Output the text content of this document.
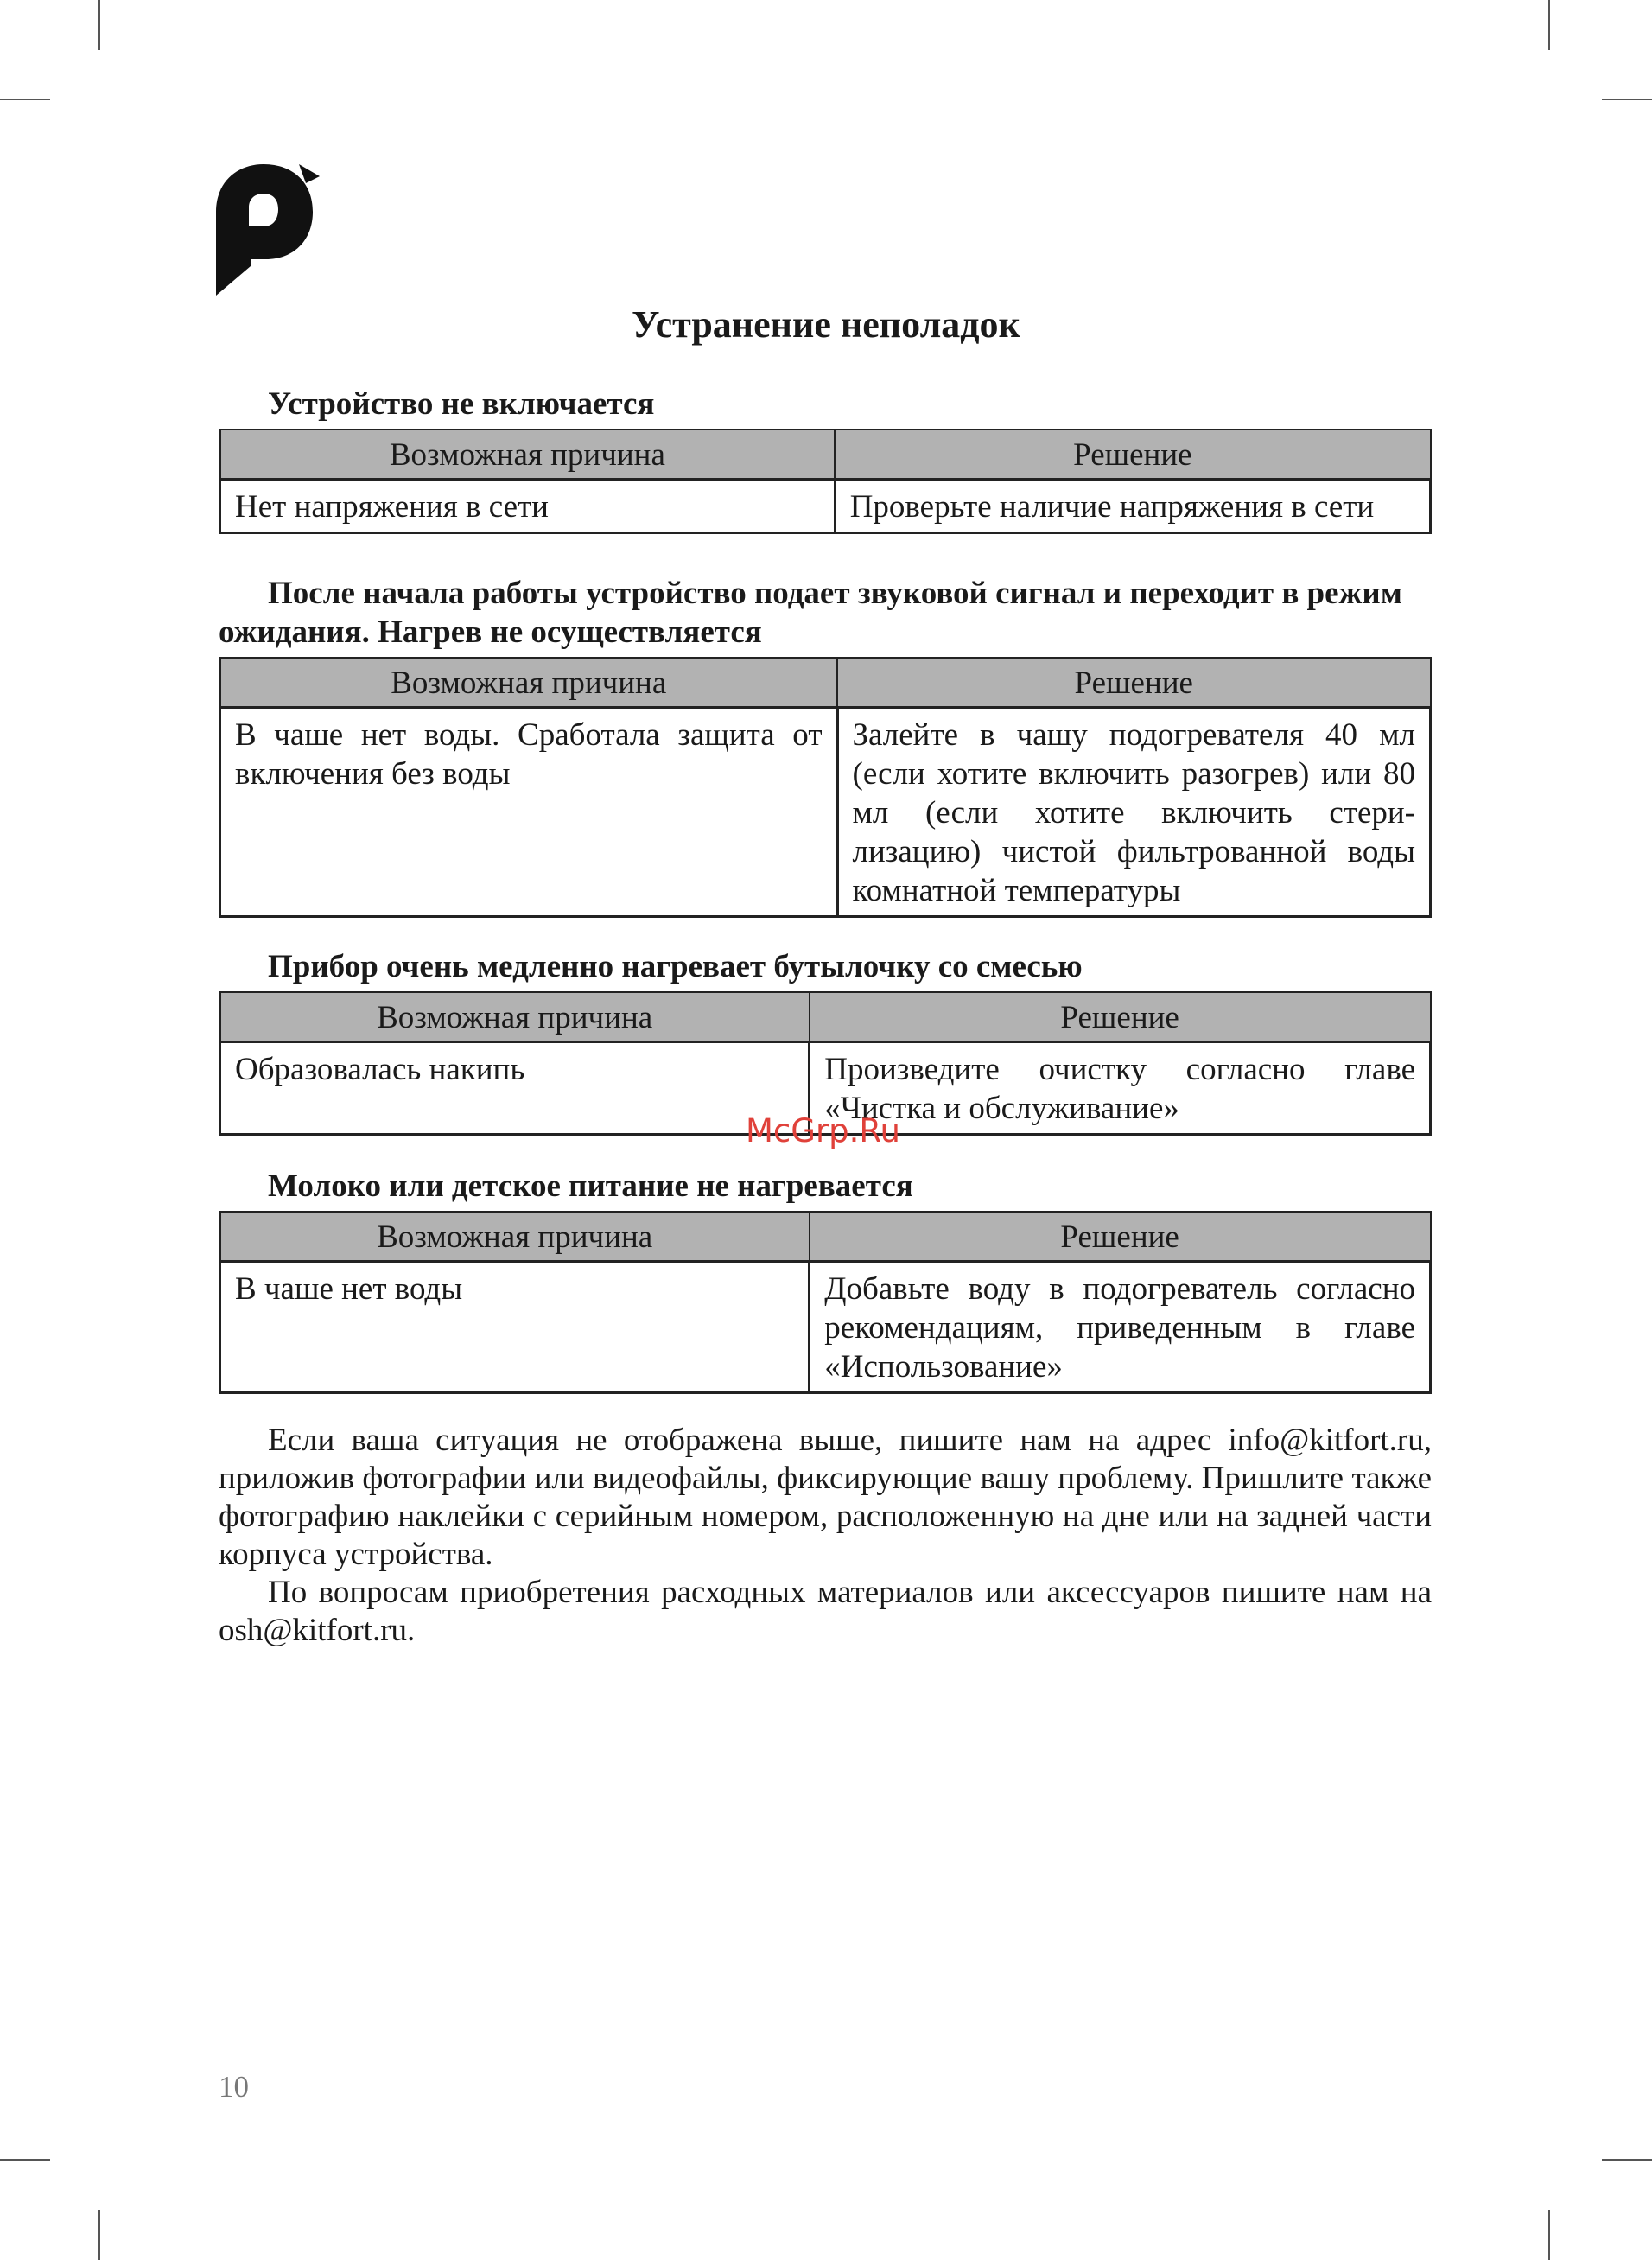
Устранение неполадок

Устройство не включается

Возможная причина	Решение
Нет напряжения в сети	Проверьте наличие напряжения в сети

После начала работы устройство подает звуковой сигнал и переходит в режим ожидания. Нагрев не осуществляется

Возможная причина	Решение
В чаше нет воды. Сработала защита от включения без воды	Залейте в чашу подогревателя 40 мл (если хотите включить разогрев) или 80 мл (если хотите включить стери-лизацию) чистой фильтрованной воды комнатной температуры

Прибор очень медленно нагревает бутылочку со смесью

Возможная причина	Решение
Образовалась накипь	Произведите очистку согласно главе «Чистка и обслуживание»

Молоко или детское питание не нагревается

Возможная причина	Решение
В чаше нет воды	Добавьте воду в подогреватель согласно рекомендациям, приведенным в главе «Использование»
McGrp.Ru

Если ваша ситуация не отображена выше, пишите нам на адрес info@kitfort.ru, приложив фотографии или видеофайлы, фиксирующие вашу проблему. Пришлите также фотографию наклейки с серийным номером, расположенную на дне или на задней части корпуса устройства.

По вопросам приобретения расходных материалов или аксессуаров пишите нам на osh@kitfort.ru.

10
